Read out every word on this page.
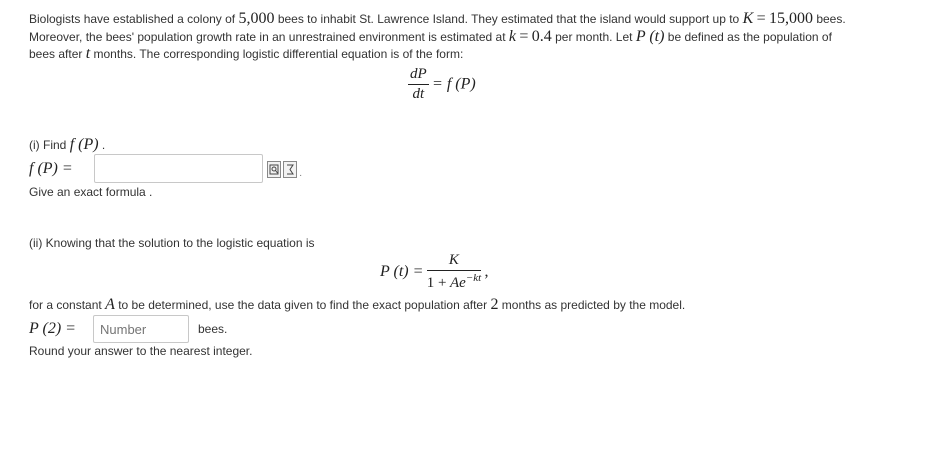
Biologists have established a colony of 5,000 bees to inhabit St. Lawrence Island. They estimated that the island would support up to K = 15,000 bees.
Moreover, the bees' population growth rate in an unrestrained environment is estimated at k = 0.4 per month. Let P (t) be defined as the population of
bees after t months. The corresponding logistic differential equation is of the form:
$\frac{dP}{dt} = f$ (P)
(i) Find f (P) .
f (P) =	·
Give an exact formula .
(ii) Knowing that the solution to the logistic equation is
P $(t) = \frac{K}{1 + Ae^{-kt}}$ ,
for a constant A to be determined, use the data given to find the exact population after 2 months as predicted by the model.
P (2) =
Number	bees.
Round your answer to the nearest integer.
